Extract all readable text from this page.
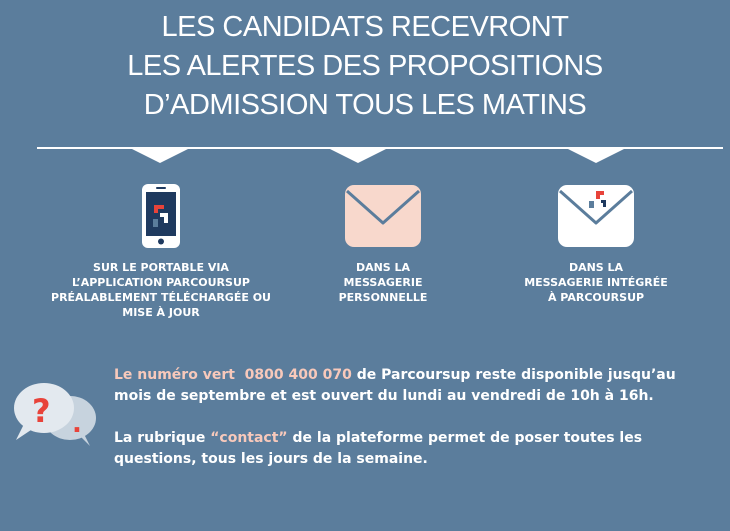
LES CANDIDATS RECEVRONT
LES ALERTES DES PROPOSITIONS
D’ADMISSION TOUS LES MATINS
SUR LE PORTABLE VIA
L’APPLICATION PARCOURSUP
PRÉALABLEMENT TÉLÉCHARGÉE OU
MISE À JOUR
DANS LA
MESSAGERIE
PERSONNELLE
DANS LA
MESSAGERIE INTÉGRÉE
À PARCOURSUP
.
?

Le numéro vert 0800 400 070 de Parcoursup reste disponible jusqu’au mois de septembre et est ouvert du lundi au vendredi de 10h à 16h.

La rubrique “contact” de la plateforme permet de poser toutes les questions, tous les jours de la semaine.
